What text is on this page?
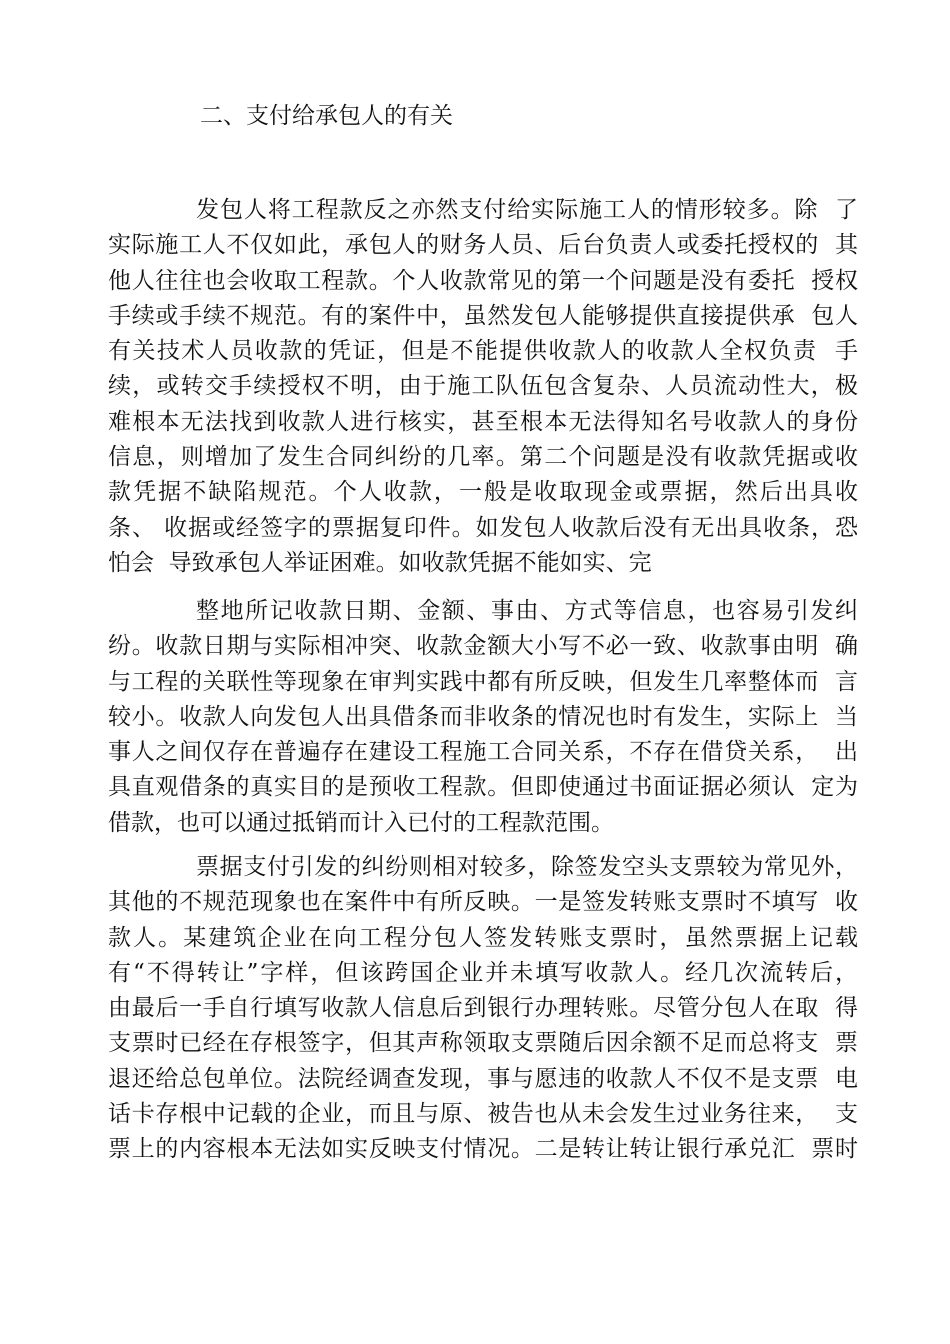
二、支付给承包人的有关
发包人将工程款反之亦然支付给实际施工人的情形较多。除  了
实际施工人不仅如此，承包人的财务人员、后台负责人或委托授权的  其
他人往往也会收取工程款。个人收款常见的第一个问题是没有委托  授权
手续或手续不规范。有的案件中，虽然发包人能够提供直接提供承  包人
有关技术人员收款的凭证，但是不能提供收款人的收款人全权负责  手
续，或转交手续授权不明，由于施工队伍包含复杂、人员流动性大，极
难根本无法找到收款人进行核实，甚至根本无法得知名号收款人的身份
信息，则增加了发生合同纠纷的几率。第二个问题是没有收款凭据或收
款凭据不缺陷规范。个人收款，一般是收取现金或票据，然后出具收
条、 收据或经签字的票据复印件。如发包人收款后没有无出具收条，恐
怕会  导致承包人举证困难。如收款凭据不能如实、完
整地所记收款日期、金额、事由、方式等信息，也容易引发纠
纷。收款日期与实际相冲突、收款金额大小写不必一致、收款事由明  确
与工程的关联性等现象在审判实践中都有所反映，但发生几率整体而  言
较小。收款人向发包人出具借条而非收条的情况也时有发生，实际上  当
事人之间仅存在普遍存在建设工程施工合同关系，不存在借贷关系，  出
具直观借条的真实目的是预收工程款。但即使通过书面证据必须认  定为
借款，也可以通过抵销而计入已付的工程款范围。
票据支付引发的纠纷则相对较多，除签发空头支票较为常见外，
其他的不规范现象也在案件中有所反映。一是签发转账支票时不填写  收
款人。某建筑企业在向工程分包人签发转账支票时，虽然票据上记载
有“不得转让”字样，但该跨国企业并未填写收款人。经几次流转后，
由最后一手自行填写收款人信息后到银行办理转账。尽管分包人在取  得
支票时已经在存根签字，但其声称领取支票随后因余额不足而总将支  票
退还给总包单位。法院经调查发现，事与愿违的收款人不仅不是支票  电
话卡存根中记载的企业，而且与原、被告也从未会发生过业务往来，  支
票上的内容根本无法如实反映支付情况。二是转让转让银行承兑汇  票时
